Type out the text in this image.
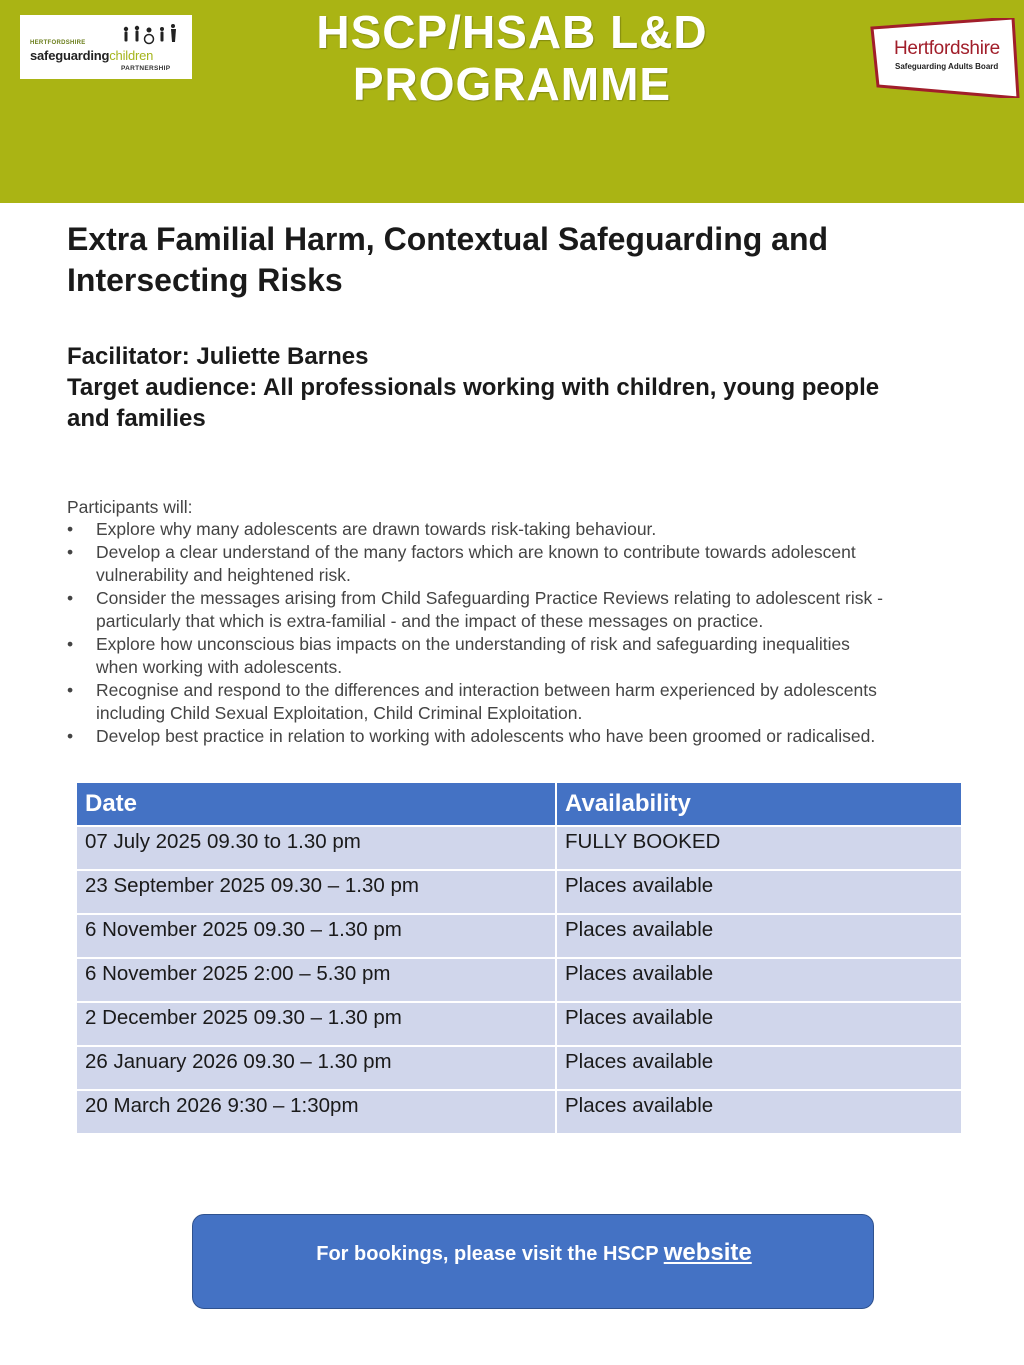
HERTFORDSHIRE
safeguardingchildren
PARTNERSHIP
HSCP/HSAB L&D
PROGRAMME
Hertfordshire
Safeguarding Adults Board
Extra Familial Harm, Contextual Safeguarding and
Intersecting Risks
Facilitator: Juliette Barnes
Target audience: All professionals working with children, young people
and families
Participants will:
• Explore why many adolescents are drawn towards risk-taking behaviour.
• Develop a clear understand of the many factors which are known to contribute towards adolescent
vulnerability and heightened risk.
• Consider the messages arising from Child Safeguarding Practice Reviews relating to adolescent risk -
particularly that which is extra-familial - and the impact of these messages on practice.
• Explore how unconscious bias impacts on the understanding of risk and safeguarding inequalities
when working with adolescents.
• Recognise and respond to the differences and interaction between harm experienced by adolescents
including Child Sexual Exploitation, Child Criminal Exploitation.
• Develop best practice in relation to working with adolescents who have been groomed or radicalised.
Date	Availability
07 July 2025 09.30 to 1.30 pm	FULLY BOOKED
23 September 2025 09.30 – 1.30 pm	Places available
6 November 2025 09.30 – 1.30 pm	Places available
6 November 2025 2:00 – 5.30 pm	Places available
2 December 2025 09.30 – 1.30 pm	Places available
26 January 2026 09.30 – 1.30 pm	Places available
20 March 2026 9:30 – 1:30pm	Places available
For bookings, please visit the HSCP website
